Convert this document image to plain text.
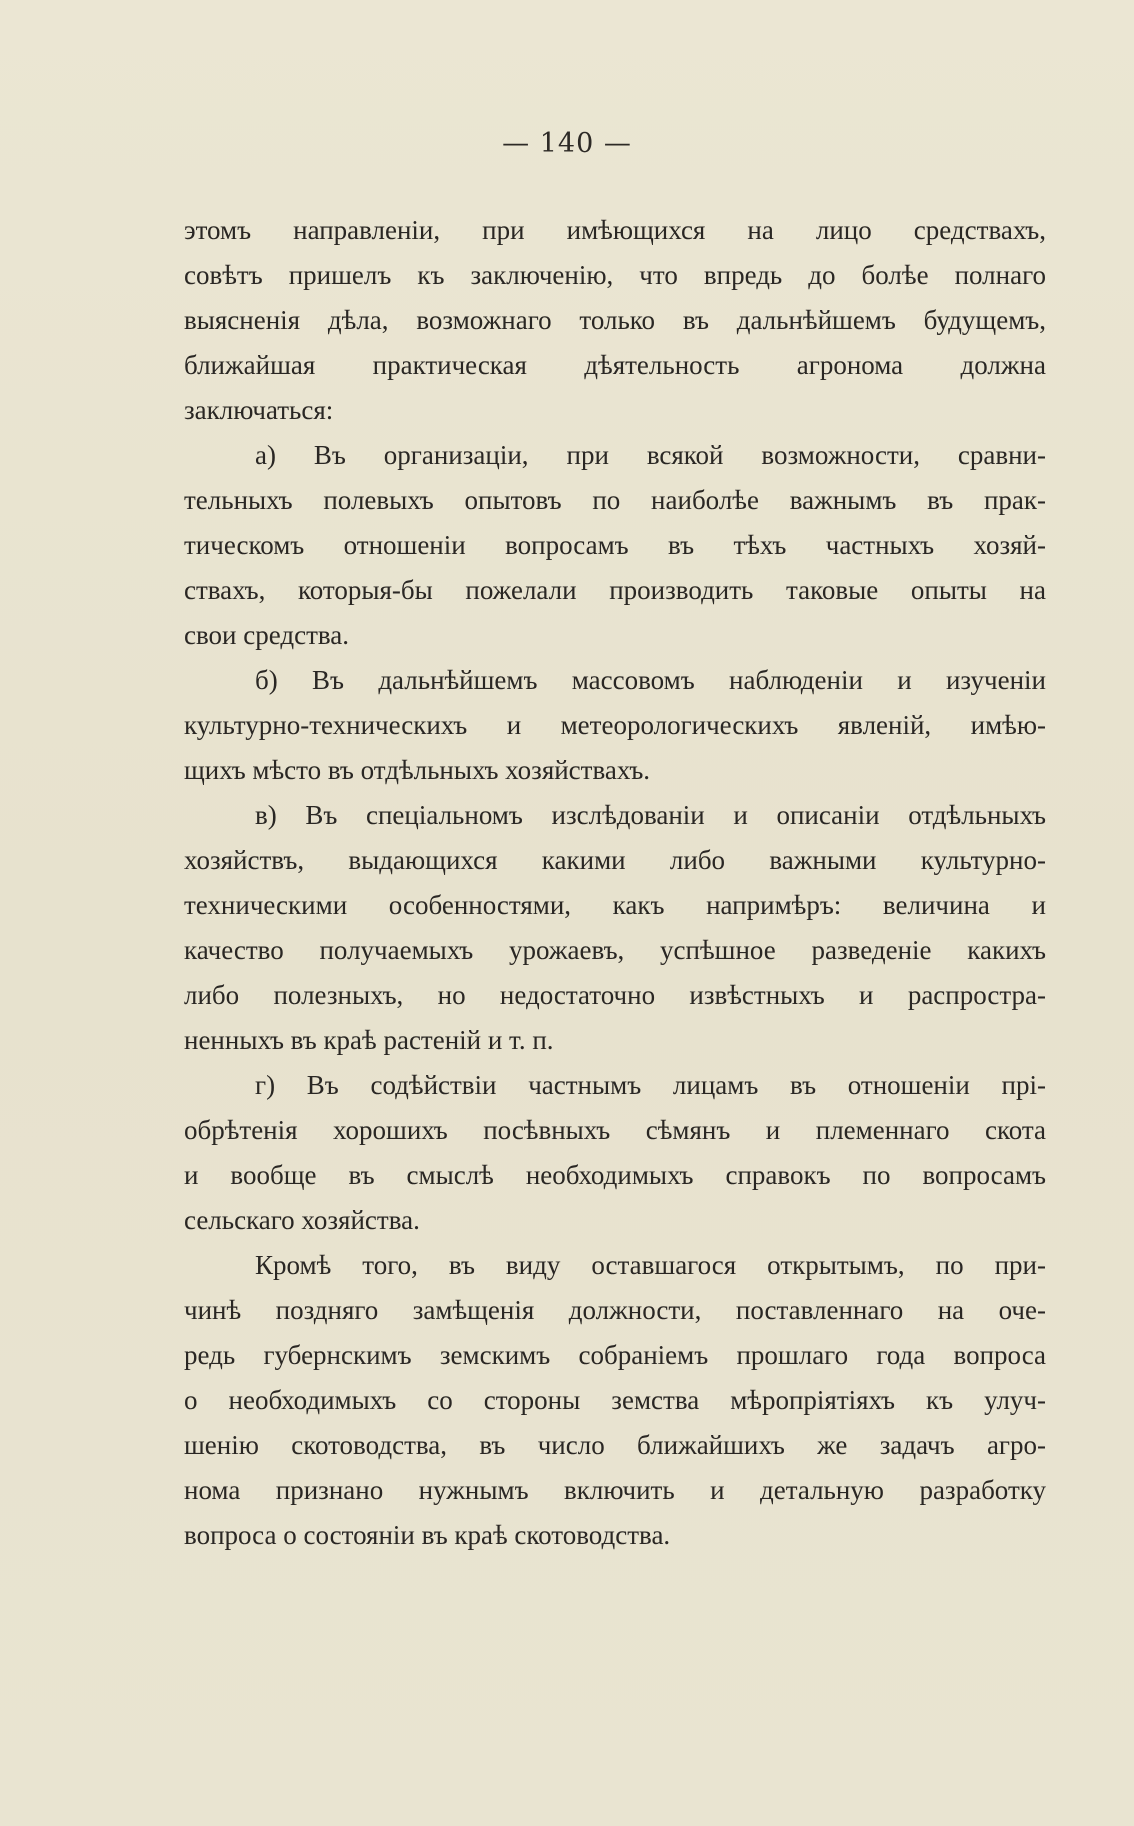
— 140 —
этомъ направленіи, при имѣющихся на лицо средствахъ,
совѣтъ пришелъ къ заключенію, что впредь до болѣе полнаго
выясненія дѣла, возможнаго только въ дальнѣйшемъ будущемъ,
ближайшая практическая дѣятельность агронома должна
заключаться:
а) Въ организаціи, при всякой возможности, сравни-
тельныхъ полевыхъ опытовъ по наиболѣе важнымъ въ прак-
тическомъ отношеніи вопросамъ въ тѣхъ частныхъ хозяй-
ствахъ, которыя-бы пожелали производить таковые опыты на
свои средства.
б) Въ дальнѣйшемъ массовомъ наблюденіи и изученіи
культурно-техническихъ и метеорологическихъ явленій, имѣю-
щихъ мѣсто въ отдѣльныхъ хозяйствахъ.
в) Въ спеціальномъ изслѣдованіи и описаніи отдѣльныхъ
хозяйствъ, выдающихся какими либо важными культурно-
техническими особенностями, какъ напримѣръ: величина и
качество получаемыхъ урожаевъ, успѣшное разведеніе какихъ
либо полезныхъ, но недостаточно извѣстныхъ и распростра-
ненныхъ въ краѣ растеній и т. п.
г) Въ содѣйствіи частнымъ лицамъ въ отношеніи прі-
обрѣтенія хорошихъ посѣвныхъ сѣмянъ и племеннаго скота
и вообще въ смыслѣ необходимыхъ справокъ по вопросамъ
сельскаго хозяйства.
Кромѣ того, въ виду оставшагося открытымъ, по при-
чинѣ поздняго замѣщенія должности, поставленнаго на оче-
редь губернскимъ земскимъ собраніемъ прошлаго года вопроса
о необходимыхъ со стороны земства мѣропріятіяхъ къ улуч-
шенію скотоводства, въ число ближайшихъ же задачъ агро-
нома признано нужнымъ включить и детальную разработку
вопроса о состояніи въ краѣ скотоводства.
